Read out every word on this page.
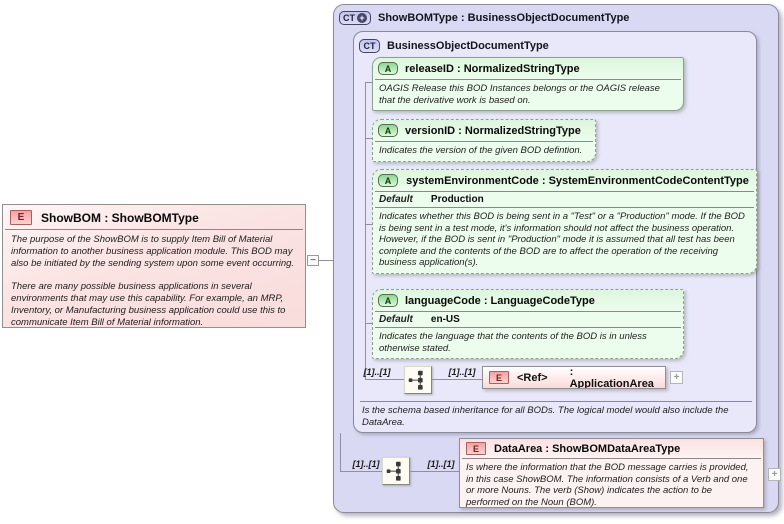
E	ShowBOM : ShowBOMType

The purpose of the ShowBOM is to supply Item Bill of Material information to another business application module. This BOD may also be initiated by the sending system upon some event occurring.

There are many possible business applications in several environments that may use this capability. For example, an MRP, Inventory, or Manufacturing business application could use this to communicate Item Bill of Material information.

−
CT + ShowBOMType : BusinessObjectDocumentType
CT	BusinessObjectDocumentType
A	releaseID : NormalizedStringType
OAGIS Release this BOD Instances belongs or the OAGIS release that the derivative work is based on.
A	versionID : NormalizedStringType
Indicates the version of the given BOD defintion.
A	systemEnvironmentCode : SystemEnvironmentCodeContentType
Default Production
Indicates whether this BOD is being sent in a "Test" or a "Production" mode. If the BOD is being sent in a test mode, it's information should not affect the business operation. However, if the BOD is sent in "Production" mode it is assumed that all test has been complete and the contents of the BOD are to affect the operation of the receiving business application(s).
A	languageCode : LanguageCodeType
Default en-US
Indicates the language that the contents of the BOD is in unless otherwise stated.
[1]..[1]	[1]..[1]
E	<Ref> : ApplicationArea
+
Is the schema based inheritance for all BODs. The logical model would also include the DataArea.
[1]..[1]	[1]..[1]
E	DataArea : ShowBOMDataAreaType
Is where the information that the BOD message carries is provided, in this case ShowBOM. The information consists of a Verb and one or more Nouns. The verb (Show) indicates the action to be performed on the Noun (BOM).
+
